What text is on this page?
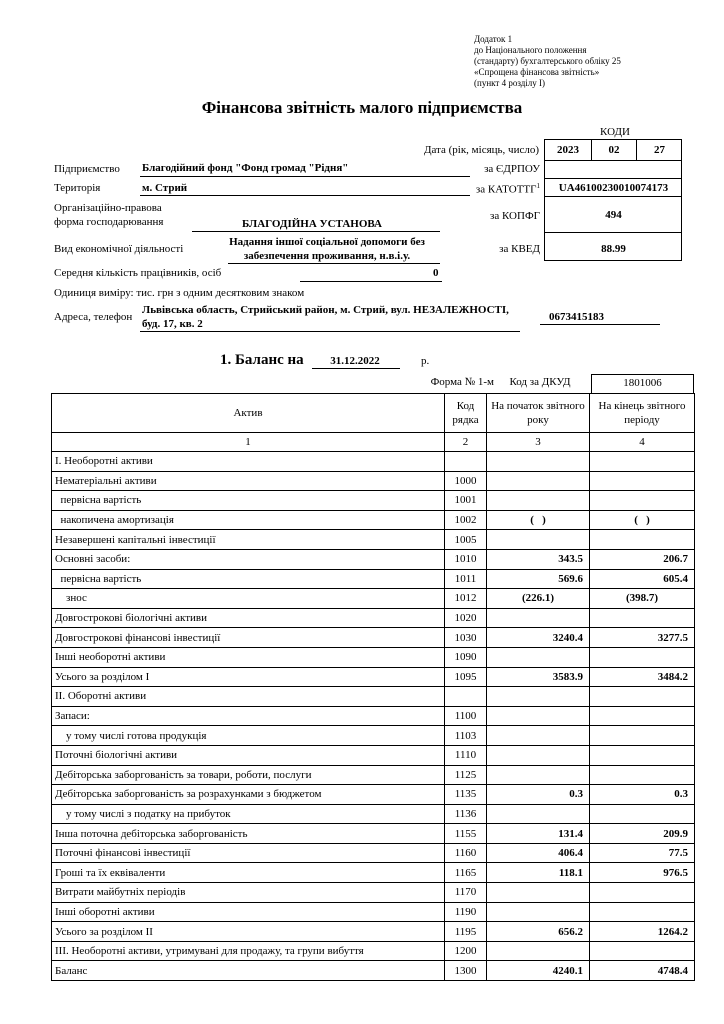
Додаток 1
до Національного положення
(стандарту) бухгалтерського обліку 25
«Спрощена фінансова звітність»
(пункт 4 розділу I)
Фінансова звітність малого підприємства
КОДИ
Дата (рік, місяць, число)	2023	02	27
Підприємство Благодійний фонд "Фонд громад "Рідня"	за ЄДРПОУ
Територія	м. Стрий	за КАТОТТГ$^1$	UA46100230010074173
Організаційно-правова
форма господарювання	БЛАГОДІЙНА УСТАНОВА
за КОПФГ	494
Вид економічної діяльності
Надання іншої соціальної допомоги без
забезпечення проживання, н.в.і.у.
за КВЕД	88.99
Середня кількість працівників, осіб	0
Одиниця виміру: тис. грн з одним десятковим знаком
Адреса, телефон
Львівська область, Стрийський район, м. Стрий, вул. НЕЗАЛЕЖНОСТІ,
буд. 17, кв. 2
0673415183
1. Баланс на	31.12.2022	р.
Форма № 1-м	Код за ДКУД	1801006
Актив	Код рядка	На початок звітного року	На кінець звітного періоду
1	2	3	4
I. Необоротні активи			
Нематеріальні активи	1000		
первісна вартість	1001		
накопичена амортизація	1002	(   )	(   )
Незавершені капітальні інвестиції	1005		
Основні засоби:	1010	343.5	206.7
первісна вартість	1011	569.6	605.4
знос	1012	(226.1)	(398.7)
Довгострокові біологічні активи	1020		
Довгострокові фінансові інвестиції	1030	3240.4	3277.5
Інші необоротні активи	1090		
Усього за розділом I	1095	3583.9	3484.2
II. Оборотні активи			
Запаси:	1100		
у тому числі готова продукція	1103		
Поточні біологічні активи	1110		
Дебіторська заборгованість за товари, роботи, послуги	1125		
Дебіторська заборгованість за розрахунками з бюджетом	1135	0.3	0.3
у тому числі з податку на прибуток	1136		
Інша поточна дебіторська заборгованість	1155	131.4	209.9
Поточні фінансові інвестиції	1160	406.4	77.5
Гроші та їх еквіваленти	1165	118.1	976.5
Витрати майбутніх періодів	1170		
Інші оборотні активи	1190		
Усього за розділом II	1195	656.2	1264.2
III. Необоротні активи, утримувані для продажу, та групи вибуття	1200		
Баланс	1300	4240.1	4748.4
